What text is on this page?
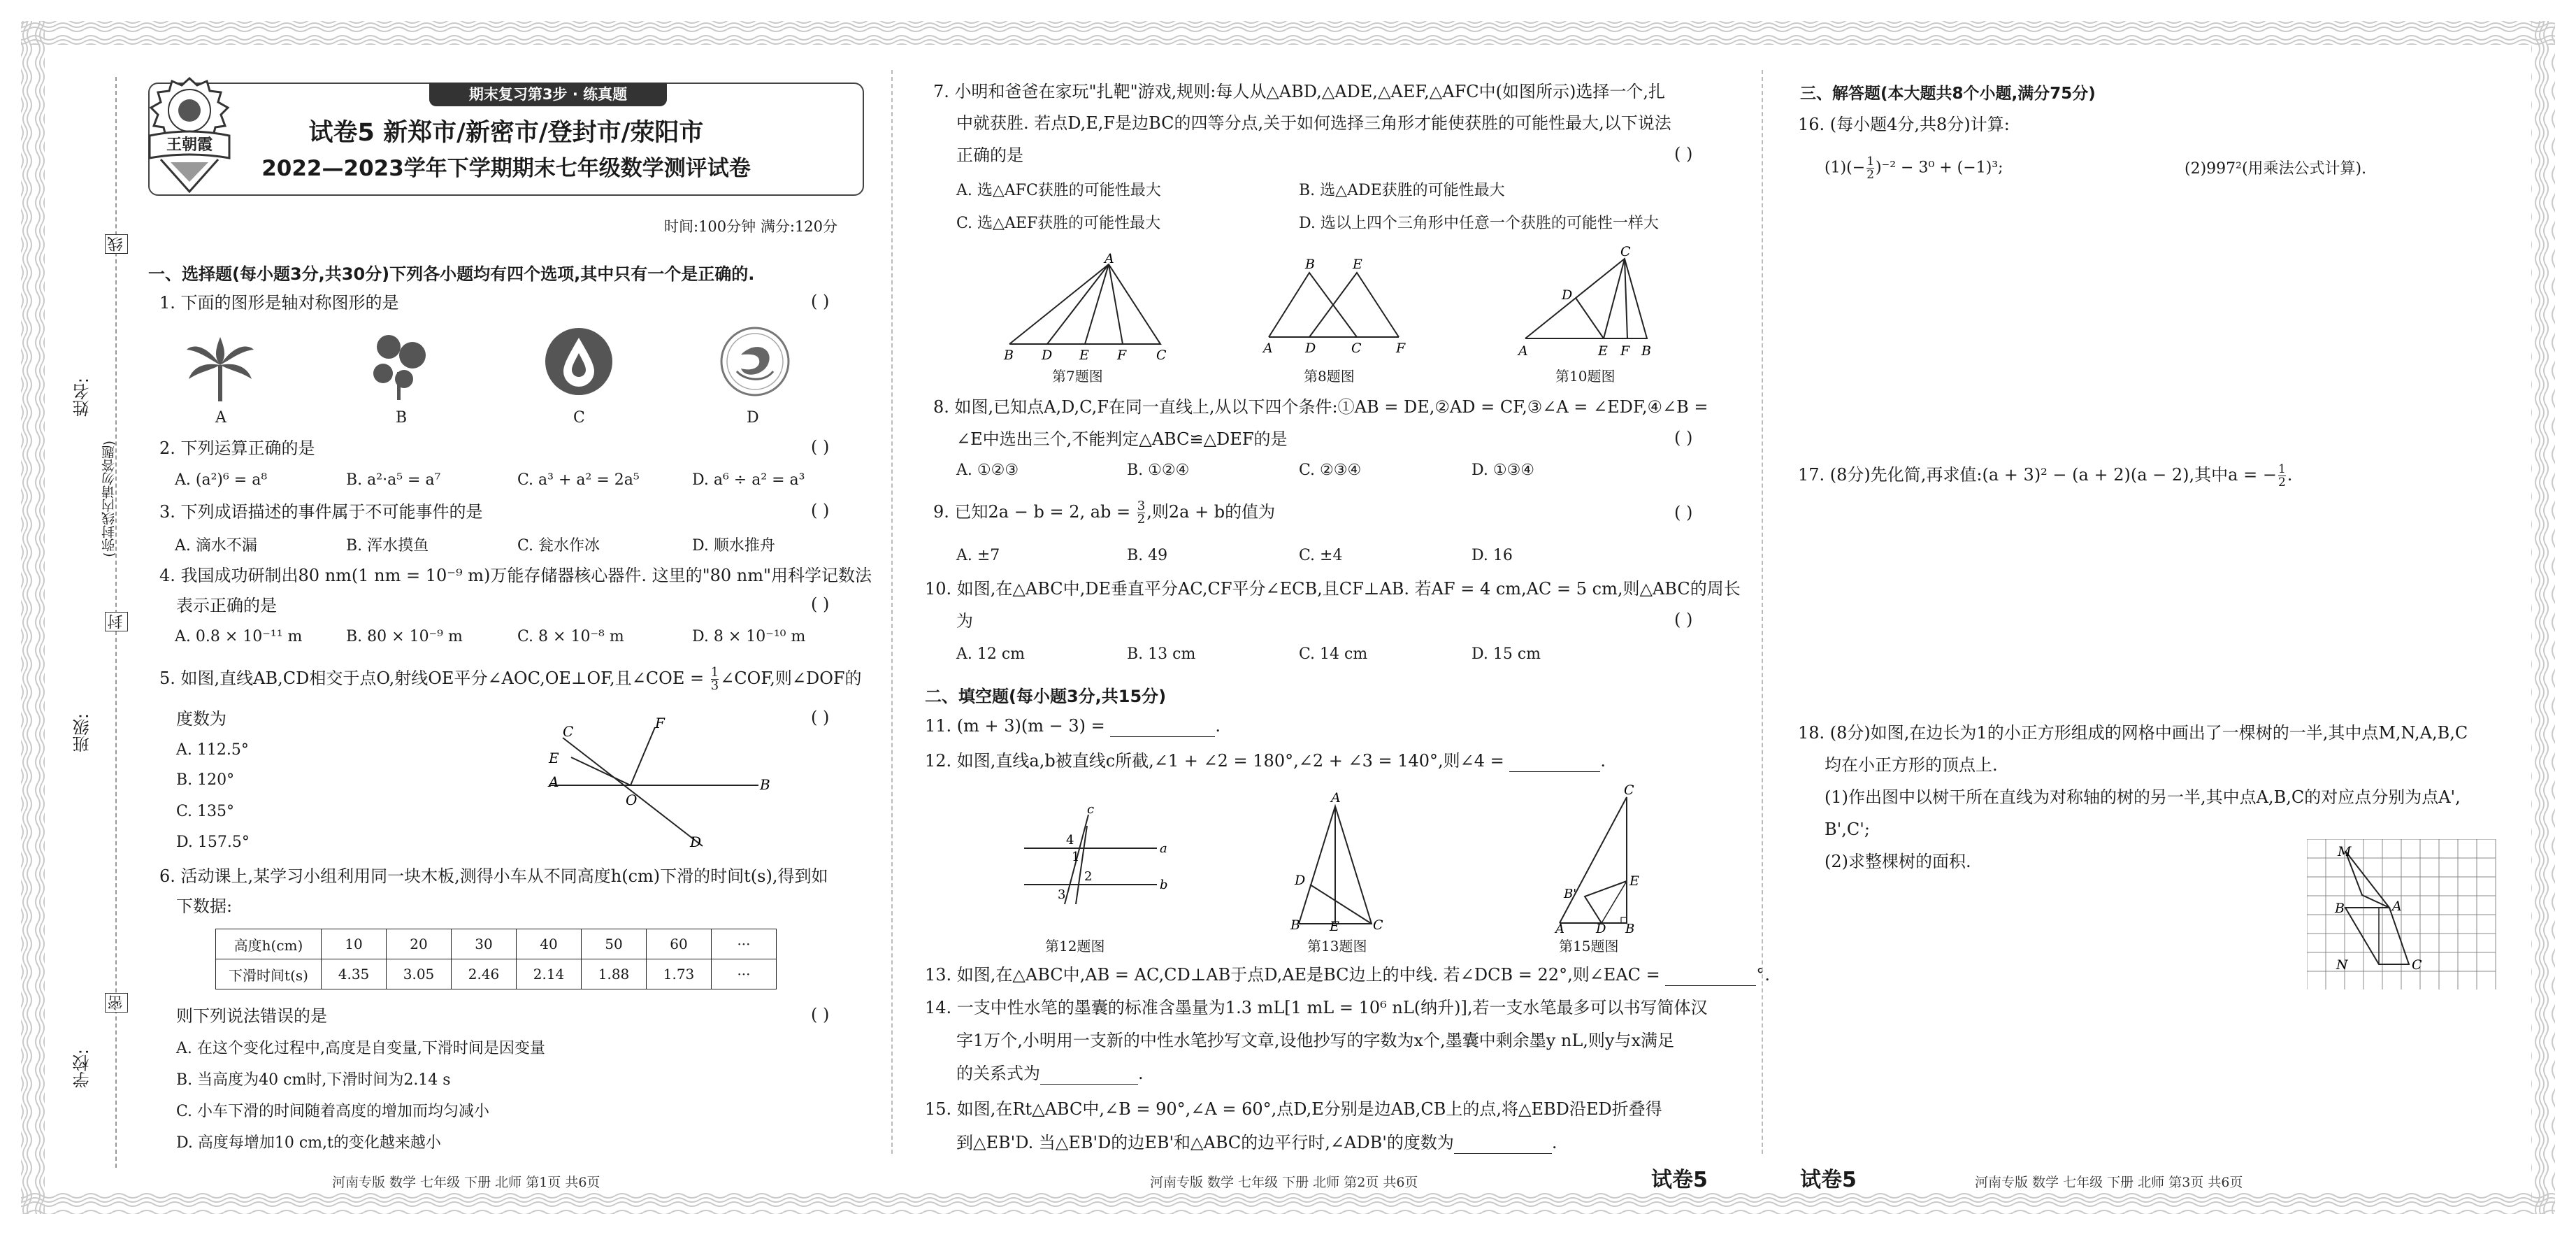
线
封
密
姓名:
(弥封线内请勿答题)
班级:
学校:
期末复习第3步 · 练真题
王朝霞	试卷5 新郑市/新密市/登封市/荥阳市
2022—2023学年下学期期末七年级数学测评试卷
时间:100分钟 满分:120分
一、选择题(每小题3分,共30分)下列各小题均有四个选项,其中只有一个是正确的.
1. 下面的图形是轴对称图形的是	( )
A	B	C	D
2. 下列运算正确的是	( )
A. (a²)⁶ = a⁸	B. a²·a⁵ = a⁷	C. a³ + a² = 2a⁵	D. a⁶ ÷ a² = a³
3. 下列成语描述的事件属于不可能事件的是	( )
A. 滴水不漏	B. 浑水摸鱼	C. 瓮水作冰	D. 顺水推舟
4. 我国成功研制出80 nm(1 nm = 10⁻⁹ m)万能存储器核心器件. 这里的"80 nm"用科学记数法
表示正确的是	( )
A. 0.8 × 10⁻¹¹ m	B. 80 × 10⁻⁹ m	C. 8 × 10⁻⁸ m	D. 8 × 10⁻¹⁰ m
5. 如图,直线AB,CD相交于点O,射线OE平分∠AOC,OE⊥OF,且∠COE = $\frac{1}{3}$ ∠COF,则∠DOF的
度数为	( )
A. 112.5°
B. 120°
C. 135°
D. 157.5°
C	F
E
A
O
B
D
6. 活动课上,某学习小组利用同一块木板,测得小车从不同高度h(cm)下滑的时间t(s),得到如
下数据:
高度h(cm)	10	20	30	40	50	60	···
下滑时间t(s)	4.35	3.05	2.46	2.14	1.88	1.73	···
则下列说法错误的是	( )
A. 在这个变化过程中,高度是自变量,下滑时间是因变量
B. 当高度为40 cm时,下滑时间为2.14 s
C. 小车下滑的时间随着高度的增加而均匀减小
D. 高度每增加10 cm,t的变化越来越小
7. 小明和爸爸在家玩"扎靶"游戏,规则:每人从△ABD,△ADE,△AEF,△AFC中(如图所示)选择一个,扎
中就获胜. 若点D,E,F是边BC的四等分点,关于如何选择三角形才能使获胜的可能性最大,以下说法
正确的是	( )
A. 选△AFC获胜的可能性最大	B. 选△ADE获胜的可能性最大
C. 选△AEF获胜的可能性最大	D. 选以上四个三角形中任意一个获胜的可能性一样大
A
B D E F C
第7题图
B	E
A D	C	F
第8题图
C
D
A	E F B
第10题图
8. 如图,已知点A,D,C,F在同一直线上,从以下四个条件:①AB = DE,②AD = CF,③∠A = ∠EDF,④∠B =
∠E中选出三个,不能判定△ABC≌△DEF的是	( )
A. ①②③	B. ①②④	C. ②③④	D. ①③④
9. 已知2a − b = 2, ab = $\frac{3}{2}$ ,则2a + b的值为	( )
A. ±7	B. 49	C. ±4	D. 16
10. 如图,在△ABC中,DE垂直平分AC,CF平分∠ECB,且CF⊥AB. 若AF = 4 cm,AC = 5 cm,则△ABC的周长
为	( )
A. 12 cm	B. 13 cm	C. 14 cm	D. 15 cm
二、填空题(每小题3分,共15分)
11. (m + 3)(m − 3) =	.
12. 如图,直线a,b被直线c所截,∠1 + ∠2 = 180°,∠2 + ∠3 = 140°,则∠4 =	.
c
4
a
1
2
3
b
第12题图
A
D
B E	C
第13题图
C
E
B'
A	D B
第15题图
13. 如图,在△ABC中,AB = AC,CD⊥AB于点D,AE是BC边上的中线. 若∠DCB = 22°,则∠EAC =	°.
14. 一支中性水笔的墨囊的标准含墨量为1.3 mL[1 mL = 10⁶ nL(纳升)],若一支水笔最多可以书写简体汉
字1万个,小明用一支新的中性水笔抄写文章,设他抄写的字数为x个,墨囊中剩余墨y nL,则y与x满足
的关系式为	.
15. 如图,在Rt△ABC中,∠B = 90°,∠A = 60°,点D,E分别是边AB,CB上的点,将△EBD沿ED折叠得
到△EB'D. 当△EB'D的边EB'和△ABC的边平行时,∠ADB'的度数为	.
三、解答题(本大题共8个小题,满分75分)
16. (每小题4分,共8分)计算:
$(1)(- \frac{1}{2} )^{-2} - 3^0 + (-1)^3$;	(2)997²(用乘法公式计算).
17. (8分)先化简,再求值:(a + 3)² − (a + 2)(a − 2),其中a = − $\frac{1}{2}$ .
18. (8分)如图,在边长为1的小正方形组成的网格中画出了一棵树的一半,其中点M,N,A,B,C
均在小正方形的顶点上.
(1)作出图中以树干所在直线为对称轴的树的另一半,其中点A,B,C的对应点分别为点A',
B',C';
(2)求整棵树的面积.	M
B	A
N	C
河南专版 数学 七年级 下册 北师 第1页 共6页	河南专版 数学 七年级 下册 北师 第2页 共6页	试卷5	试卷5	河南专版 数学 七年级 下册 北师 第3页 共6页
